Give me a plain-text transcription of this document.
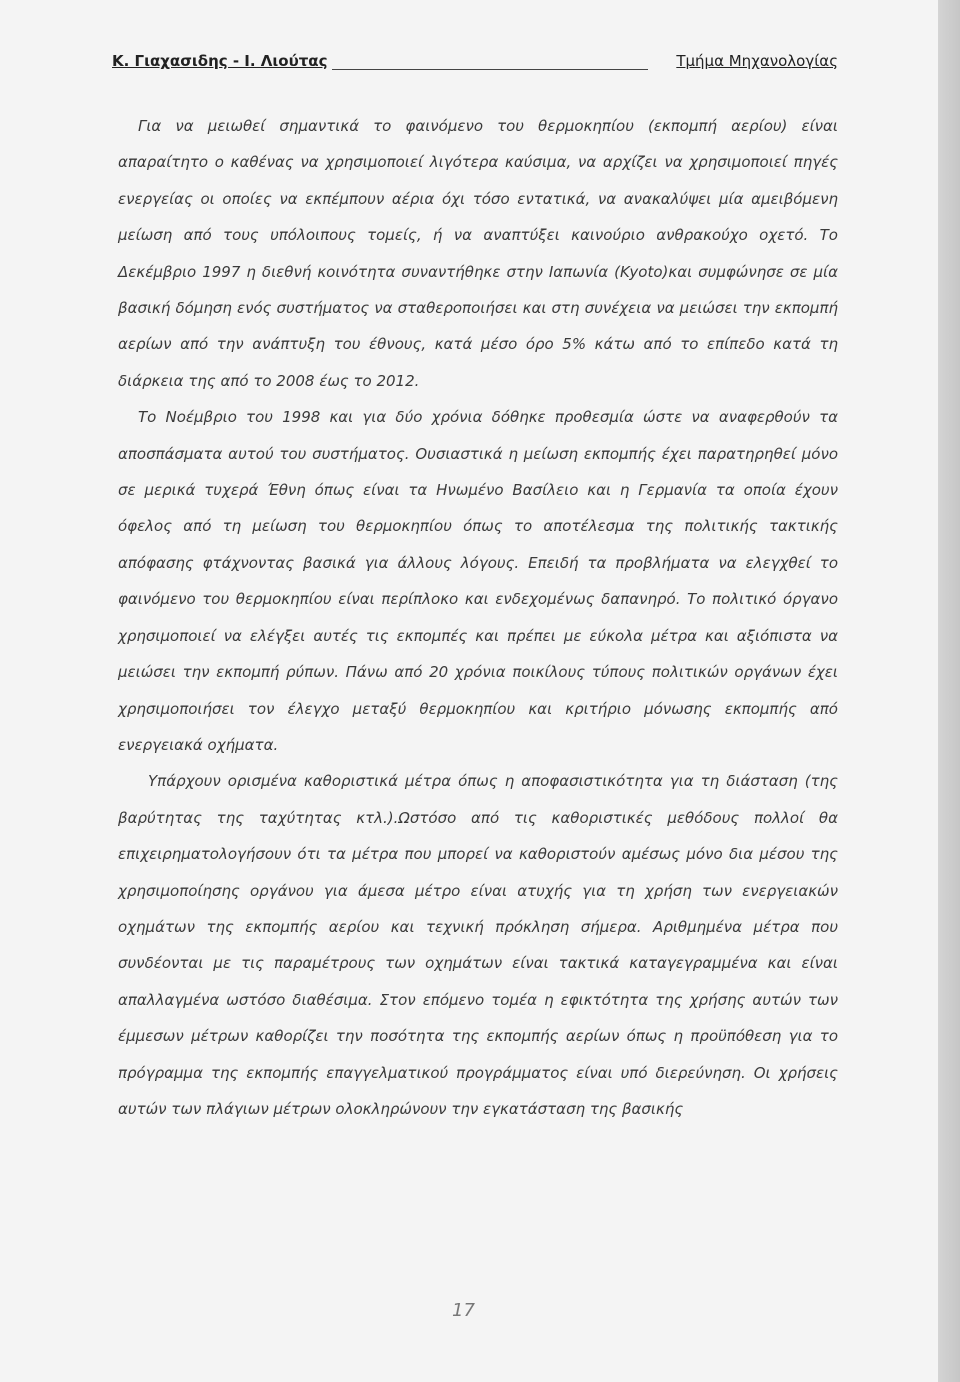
Κ. Γιαχασιδης - Ι. Λιούτας	Τμήμα Μηχανολογίας

Για να μειωθεί σημαντικά το φαινόμενο του θερμοκηπίου (εκπομπή αερίου) είναι απαραίτητο ο καθένας να χρησιμοποιεί λιγότερα καύσιμα, να αρχίζει να χρησιμοποιεί πηγές ενεργείας οι οποίες να εκπέμπουν αέρια όχι τόσο εντατικά, να ανακαλύψει μία αμειβόμενη μείωση από τους υπόλοιπους τομείς, ή να αναπτύξει καινούριο ανθρακούχο οχετό. Το Δεκέμβριο 1997 η διεθνή κοινότητα συναντήθηκε στην Ιαπωνία (Kyoto)και συμφώνησε σε μία βασική δόμηση ενός συστήματος να σταθεροποιήσει και στη συνέχεια να μειώσει την εκπομπή αερίων από την ανάπτυξη του έθνους, κατά μέσο όρο 5% κάτω από το επίπεδο κατά τη διάρκεια της από το 2008 έως το 2012.

Το Νοέμβριο του 1998 και για δύο χρόνια δόθηκε προθεσμία ώστε να αναφερθούν τα αποσπάσματα αυτού του συστήματος. Ουσιαστικά η μείωση εκπομπής έχει παρατηρηθεί μόνο σε μερικά τυχερά Έθνη όπως είναι τα Ηνωμένο Βασίλειο και η Γερμανία τα οποία έχουν όφελος από τη μείωση του θερμοκηπίου όπως το αποτέλεσμα της πολιτικής τακτικής απόφασης φτάχνοντας βασικά για άλλους λόγους. Επειδή τα προβλήματα να ελεγχθεί το φαινόμενο του θερμοκηπίου είναι περίπλοκο και ενδεχομένως δαπανηρό. Το πολιτικό όργανο χρησιμοποιεί να ελέγξει αυτές τις εκπομπές και πρέπει με εύκολα μέτρα και αξιόπιστα να μειώσει την εκπομπή ρύπων. Πάνω από 20 χρόνια ποικίλους τύπους πολιτικών οργάνων έχει χρησιμοποιήσει τον έλεγχο μεταξύ θερμοκηπίου και κριτήριο μόνωσης εκπομπής από ενεργειακά οχήματα.

Υπάρχουν ορισμένα καθοριστικά μέτρα όπως η αποφασιστικότητα για τη διάσταση (της βαρύτητας της ταχύτητας κτλ.).Ωστόσο από τις καθοριστικές μεθόδους πολλοί θα επιχειρηματολογήσουν ότι τα μέτρα που μπορεί να καθοριστούν αμέσως μόνο δια μέσου της χρησιμοποίησης οργάνου για άμεσα μέτρο είναι ατυχής για τη χρήση των ενεργειακών οχημάτων της εκπομπής αερίου και τεχνική πρόκληση σήμερα. Αριθμημένα μέτρα που συνδέονται με τις παραμέτρους των οχημάτων είναι τακτικά καταγεγραμμένα και είναι απαλλαγμένα ωστόσο διαθέσιμα. Στον επόμενο τομέα η εφικτότητα της χρήσης αυτών των έμμεσων μέτρων καθορίζει την ποσότητα της εκπομπής αερίων όπως η προϋπόθεση για το πρόγραμμα της εκπομπής επαγγελματικού προγράμματος είναι υπό διερεύνηση. Οι χρήσεις αυτών των πλάγιων μέτρων ολοκληρώνουν την εγκατάσταση της βασικής

17
